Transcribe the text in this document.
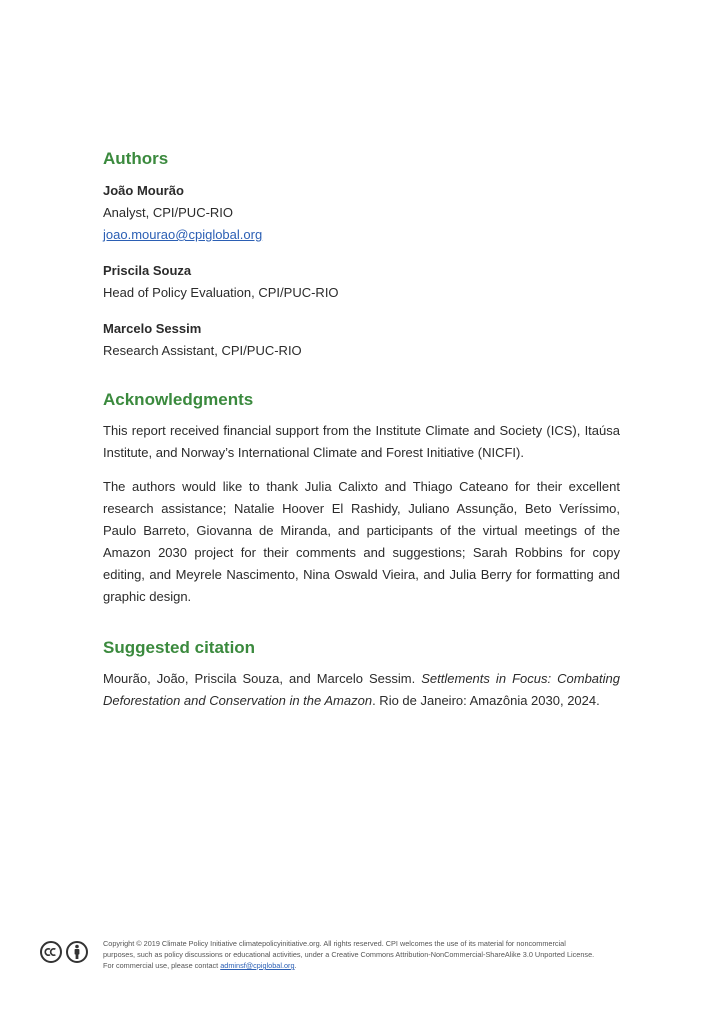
Authors
João Mourão
Analyst, CPI/PUC-RIO
joao.mourao@cpiglobal.org
Priscila Souza
Head of Policy Evaluation, CPI/PUC-RIO
Marcelo Sessim
Research Assistant, CPI/PUC-RIO
Acknowledgments

This report received financial support from the Institute Climate and Society (ICS), Itaúsa Institute, and Norway’s International Climate and Forest Initiative (NICFI).

The authors would like to thank Julia Calixto and Thiago Cateano for their excellent research assistance; Natalie Hoover El Rashidy, Juliano Assunção, Beto Veríssimo, Paulo Barreto, Giovanna de Miranda, and participants of the virtual meetings of the Amazon 2030 project for their comments and suggestions; Sarah Robbins for copy editing, and Meyrele Nascimento, Nina Oswald Vieira, and Julia Berry for formatting and graphic design.

Suggested citation

Mourão, João, Priscila Souza, and Marcelo Sessim. Settlements in Focus: Combating Deforestation and Conservation in the Amazon. Rio de Janeiro: Amazônia 2030, 2024.

Copyright © 2019 Climate Policy Initiative climatepolicyinitiative.org. All rights reserved. CPI welcomes the use of its material for noncommercial purposes, such as policy discussions or educational activities, under a Creative Commons Attribution-NonCommercial-ShareAlike 3.0 Unported License. For commercial use, please contact adminsf@cpiglobal.org.
